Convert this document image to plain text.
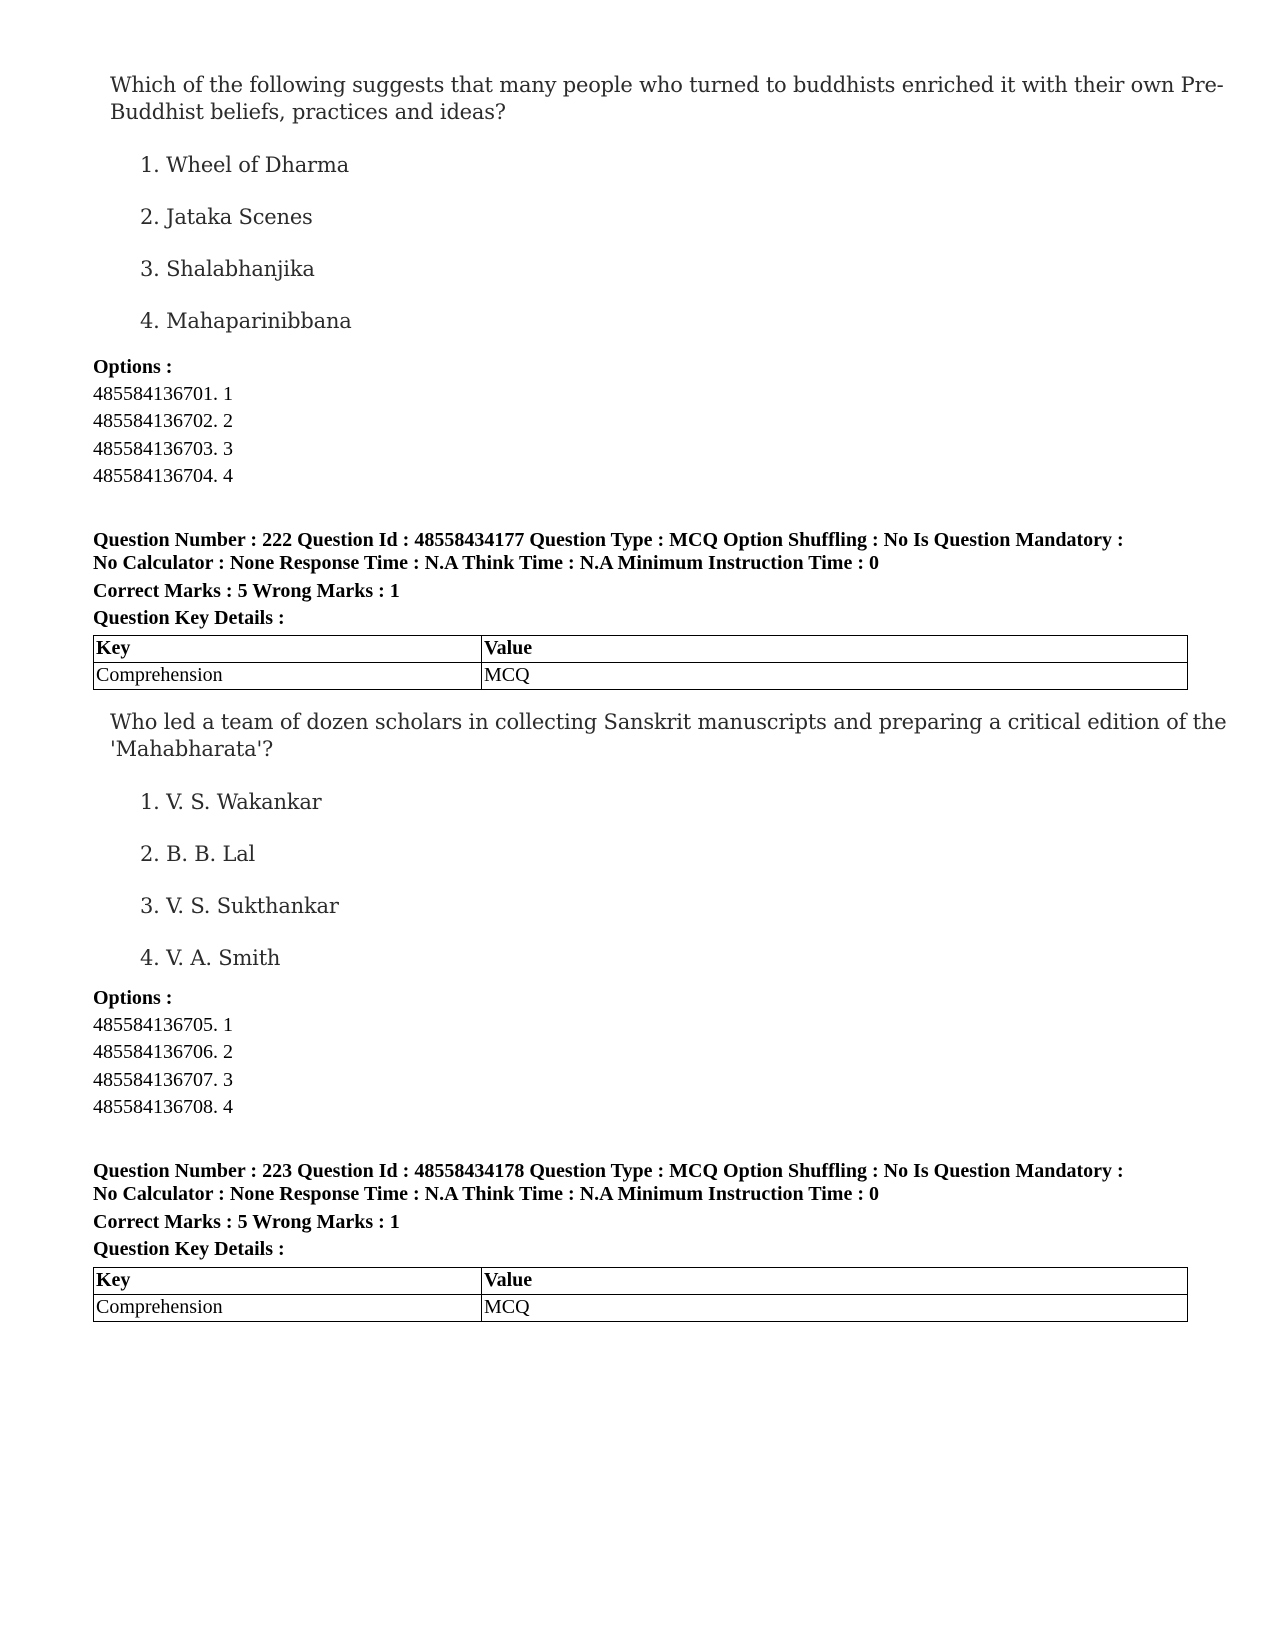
Which of the following suggests that many people who turned to buddhists enriched it with their own Pre-

Buddhist beliefs, practices and ideas?

1. Wheel of Dharma
2. Jataka Scenes
3. Shalabhanjika
4. Mahaparinibbana
Options :
485584136701. 1
485584136702. 2
485584136703. 3
485584136704. 4
Question Number : 222 Question Id : 48558434177 Question Type : MCQ Option Shuffling : No Is Question Mandatory :
No Calculator : None Response Time : N.A Think Time : N.A Minimum Instruction Time : 0
Correct Marks : 5 Wrong Marks : 1
Question Key Details :
Key	Value
Comprehension	MCQ

Who led a team of dozen scholars in collecting Sanskrit manuscripts and preparing a critical edition of the

'Mahabharata'?

1. V. S. Wakankar
2. B. B. Lal
3. V. S. Sukthankar
4. V. A. Smith
Options :
485584136705. 1
485584136706. 2
485584136707. 3
485584136708. 4
Question Number : 223 Question Id : 48558434178 Question Type : MCQ Option Shuffling : No Is Question Mandatory :
No Calculator : None Response Time : N.A Think Time : N.A Minimum Instruction Time : 0
Correct Marks : 5 Wrong Marks : 1
Question Key Details :
Key	Value
Comprehension	MCQ
